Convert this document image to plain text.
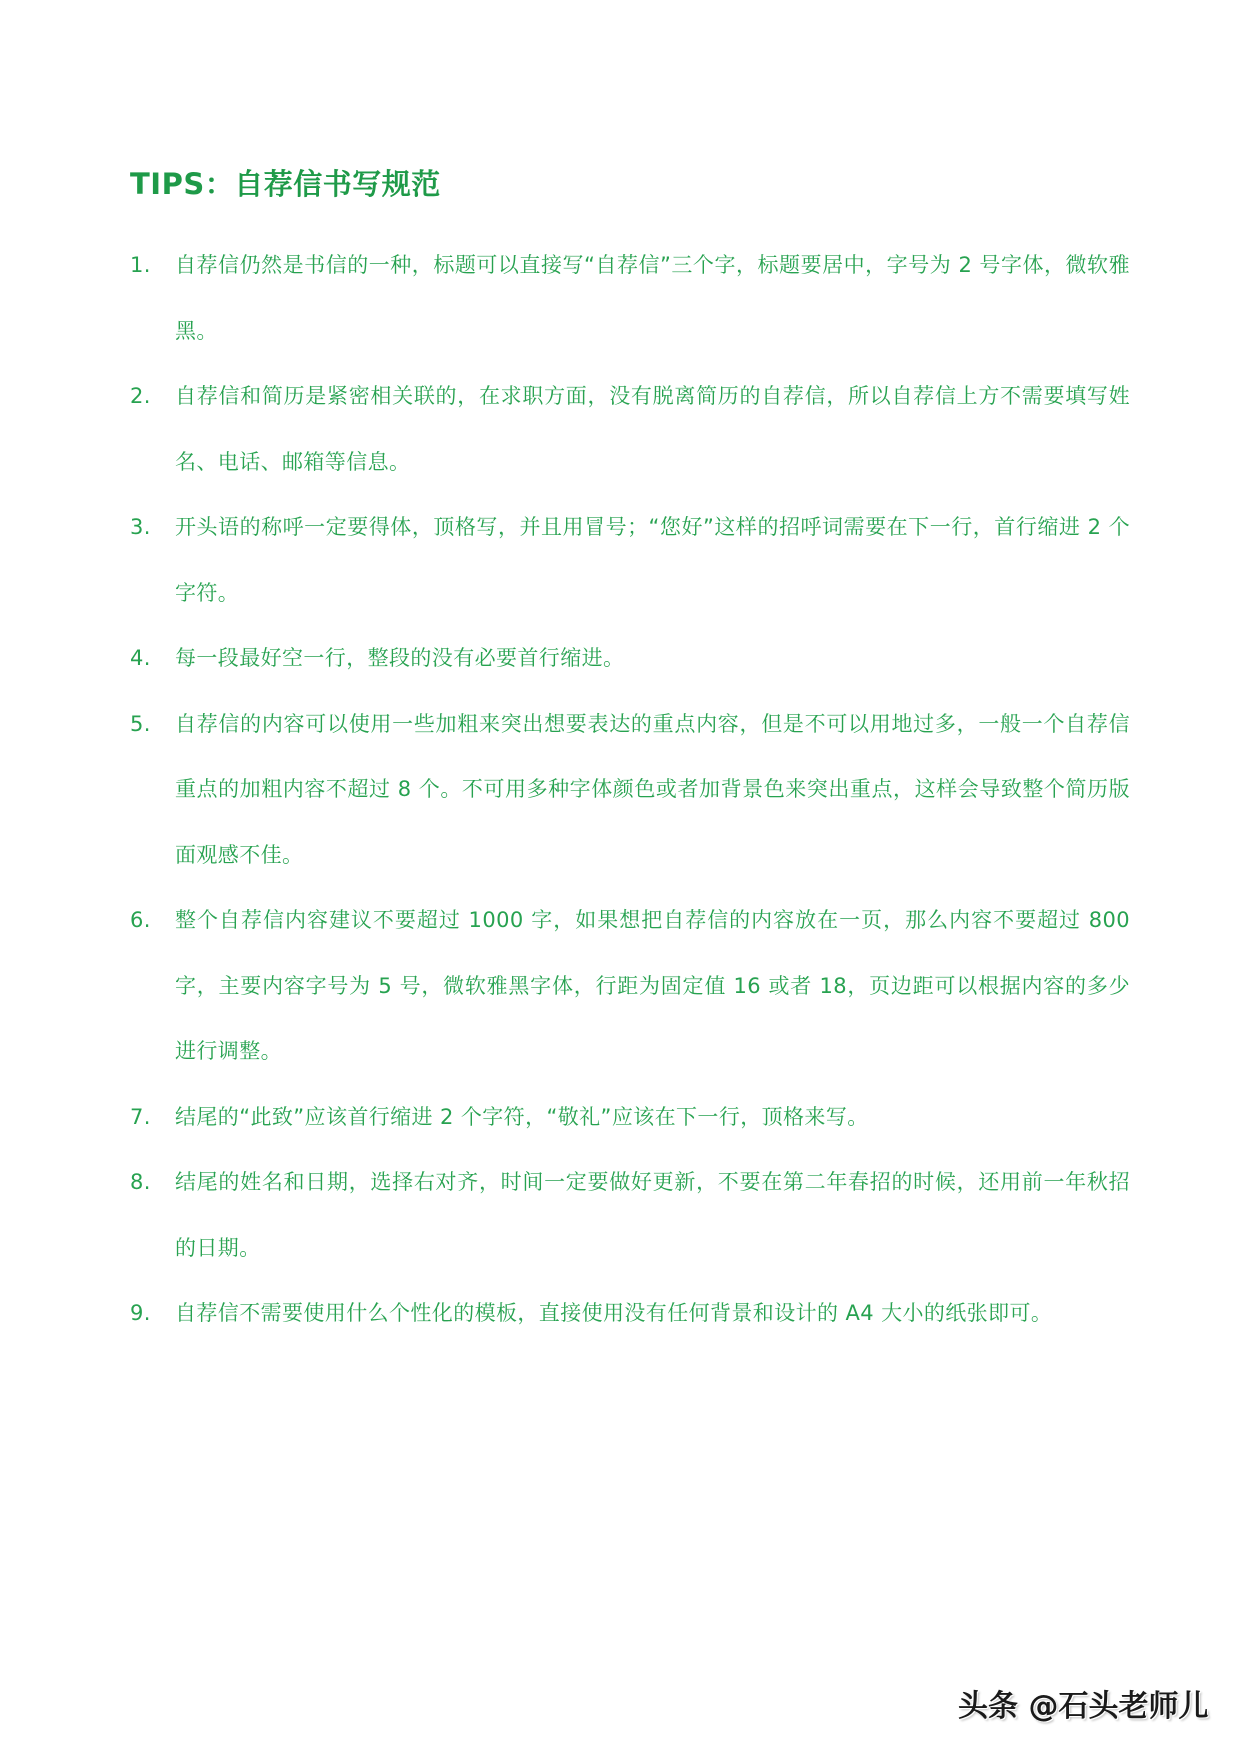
TIPS：自荐信书写规范
1.	自荐信仍然是书信的一种，标题可以直接写“自荐信”三个字，标题要居中，字号为 2 号字体，微软雅黑。
2.	自荐信和简历是紧密相关联的，在求职方面，没有脱离简历的自荐信，所以自荐信上方不需要填写姓名、电话、邮箱等信息。
3.	开头语的称呼一定要得体，顶格写，并且用冒号；“您好”这样的招呼词需要在下一行，首行缩进 2 个字符。
4.	每一段最好空一行，整段的没有必要首行缩进。
5.	自荐信的内容可以使用一些加粗来突出想要表达的重点内容，但是不可以用地过多，一般一个自荐信重点的加粗内容不超过 8 个。不可用多种字体颜色或者加背景色来突出重点，这样会导致整个简历版面观感不佳。
6.	整个自荐信内容建议不要超过 1000 字，如果想把自荐信的内容放在一页，那么内容不要超过 800 字，主要内容字号为 5 号，微软雅黑字体，行距为固定值 16 或者 18，页边距可以根据内容的多少进行调整。
7.	结尾的“此致”应该首行缩进 2 个字符，“敬礼”应该在下一行，顶格来写。
8.	结尾的姓名和日期，选择右对齐，时间一定要做好更新，不要在第二年春招的时候，还用前一年秋招的日期。
9.	自荐信不需要使用什么个性化的模板，直接使用没有任何背景和设计的 A4 大小的纸张即可。
头条 @石头老师儿
